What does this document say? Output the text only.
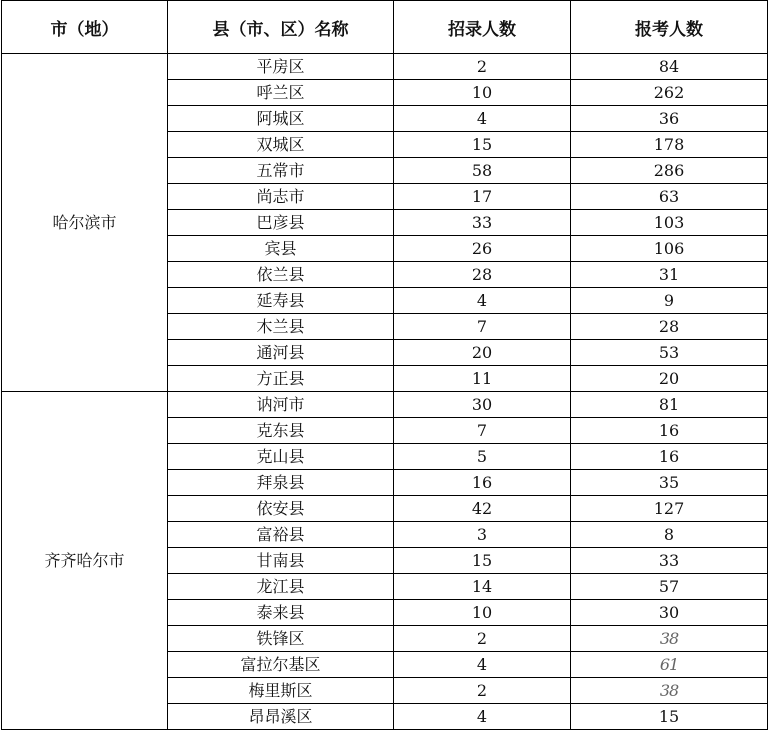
市（地）	县（市、区）名称	招录人数	报考人数
哈尔滨市	平房区	2	84
	呼兰区	10	262
	阿城区	4	36
	双城区	15	178
	五常市	58	286
	尚志市	17	63
	巴彦县	33	103
	宾县	26	106
	依兰县	28	31
	延寿县	4	9
	木兰县	7	28
	通河县	20	53
	方正县	11	20
齐齐哈尔市	讷河市	30	81
	克东县	7	16
	克山县	5	16
	拜泉县	16	35
	依安县	42	127
	富裕县	3	8
	甘南县	15	33
	龙江县	14	57
	泰来县	10	30
	铁锋区	2	38
	富拉尔基区	4	61
	梅里斯区	2	38
	昂昂溪区	4	15
